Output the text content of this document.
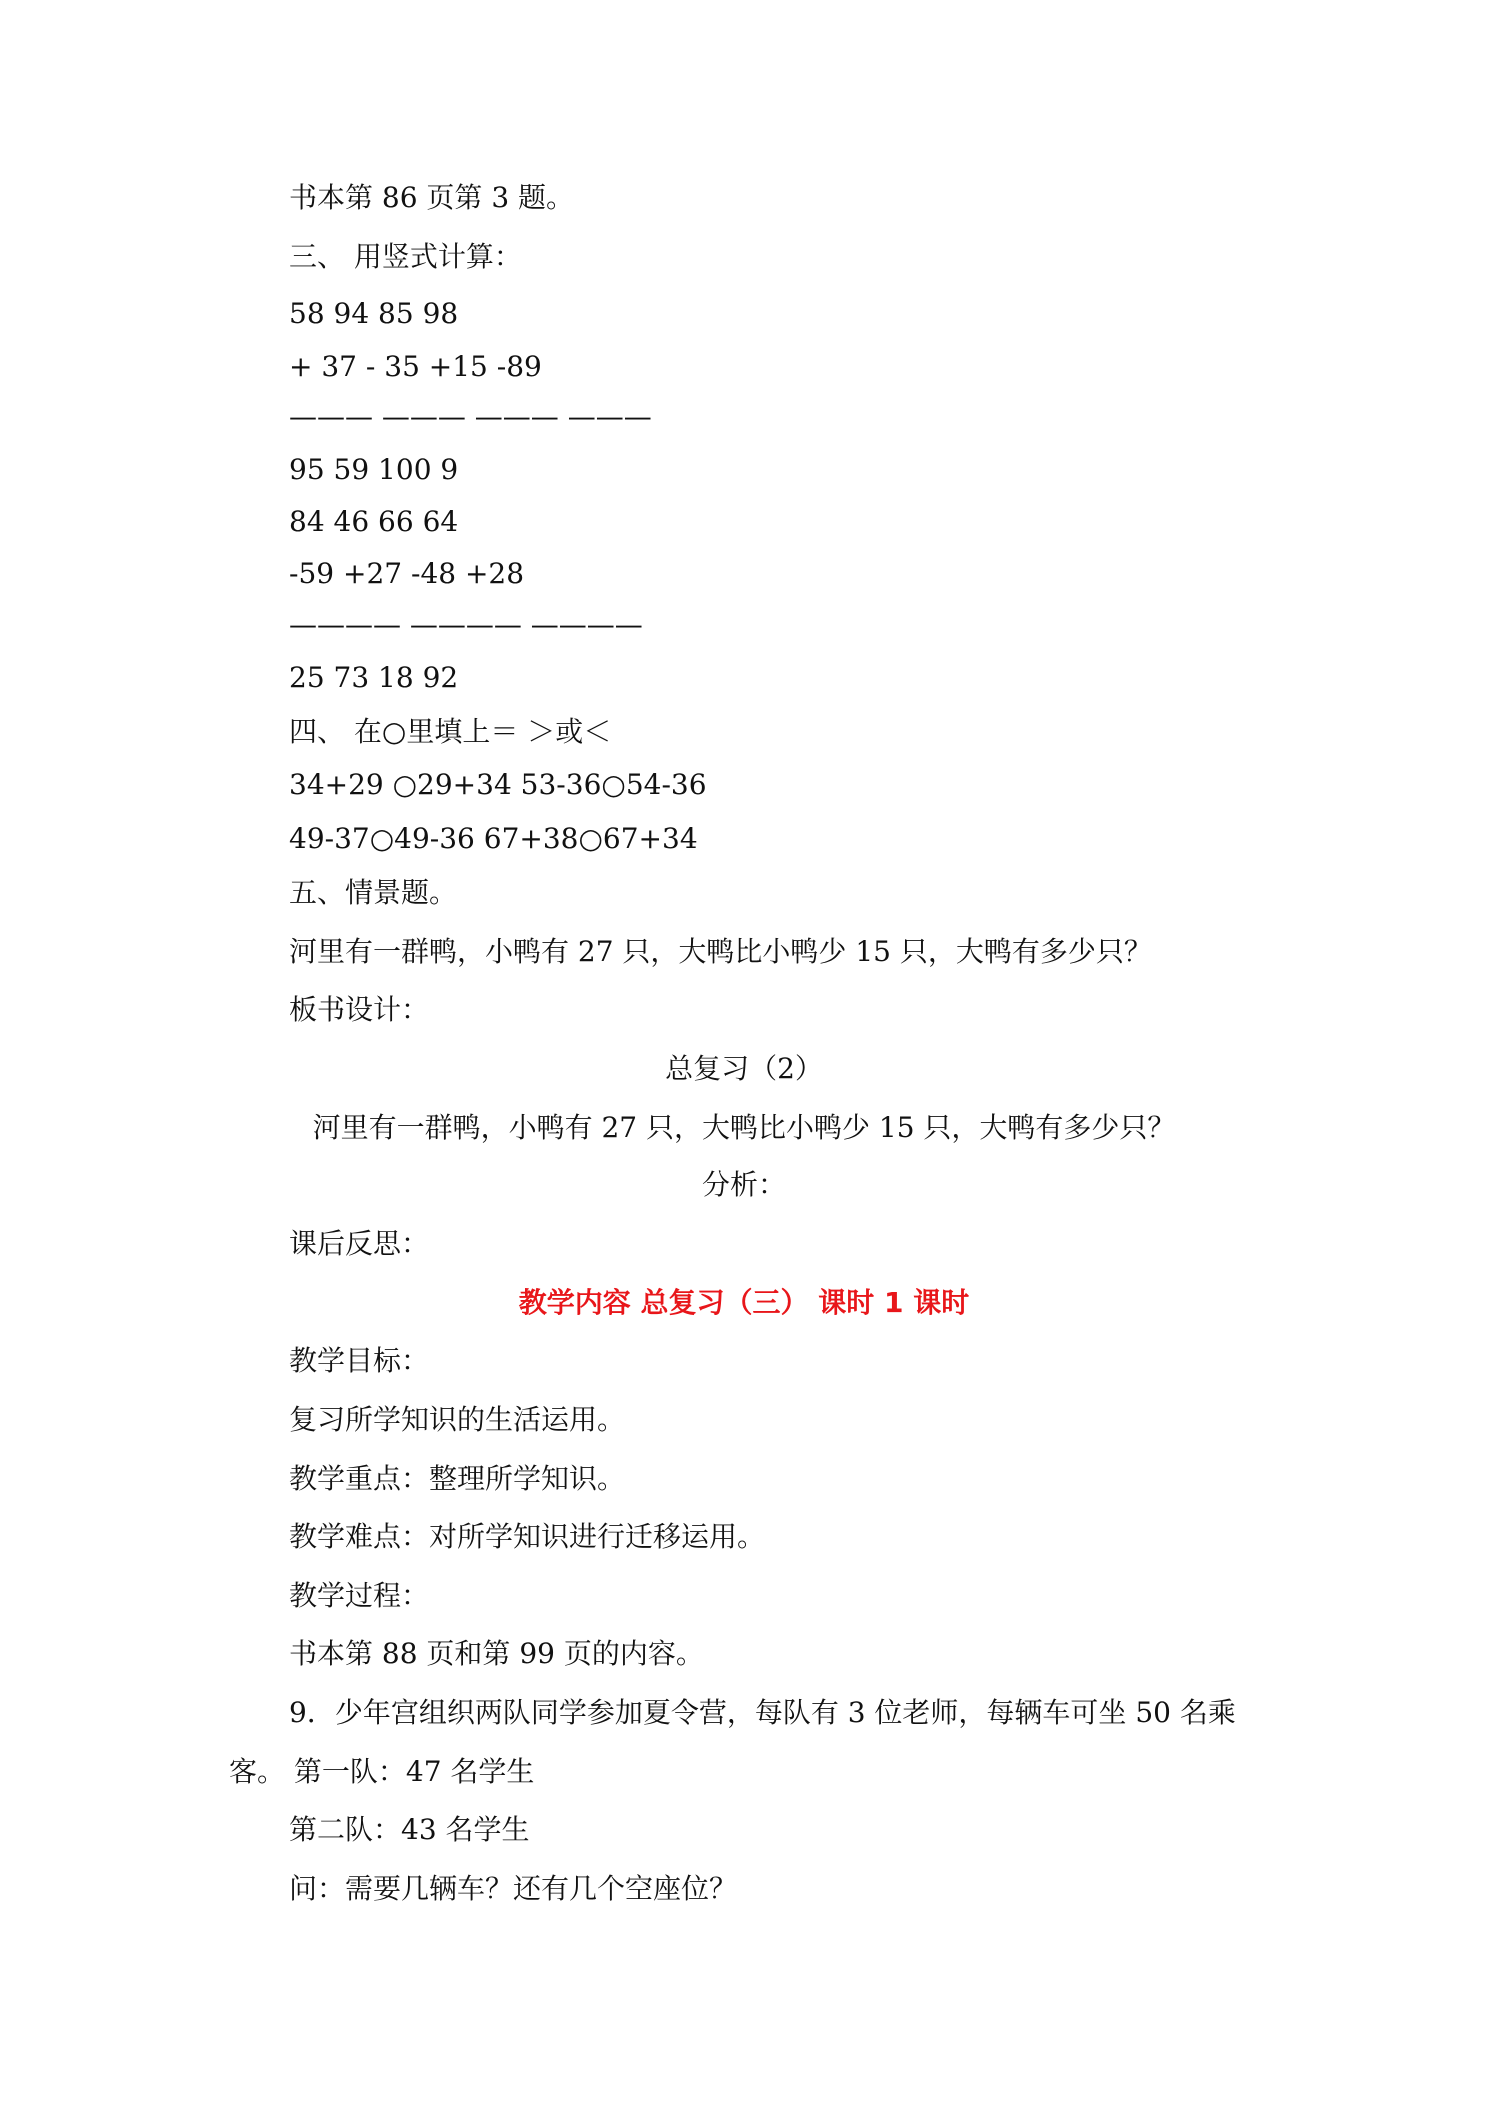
书本第 86 页第 3 题。
三、 用竖式计算：
58 94 85 98
+ 37 - 35 +15 -89
——— ——— ——— ———
95 59 100 9
84 46 66 64
-59 +27 -48 +28
———— ———— ————
25 73 18 92
四、 在○里填上＝ ＞或＜
34+29 ○29+34 53-36○54-36
49-37○49-36 67+38○67+34
五、情景题。
河里有一群鸭，小鸭有 27 只，大鸭比小鸭少 15 只，大鸭有多少只？
板书设计：
总复习（2）
河里有一群鸭，小鸭有 27 只，大鸭比小鸭少 15 只，大鸭有多少只？
分析：
课后反思：
教学内容 总复习（三） 课时 1 课时
教学目标：
复习所学知识的生活运用。
教学重点：整理所学知识。
教学难点：对所学知识进行迁移运用。
教学过程：
书本第 88 页和第 99 页的内容。
9．少年宫组织两队同学参加夏令营，每队有 3 位老师，每辆车可坐 50 名乘
客。 第一队：47 名学生
第二队：43 名学生
问：需要几辆车？还有几个空座位？
